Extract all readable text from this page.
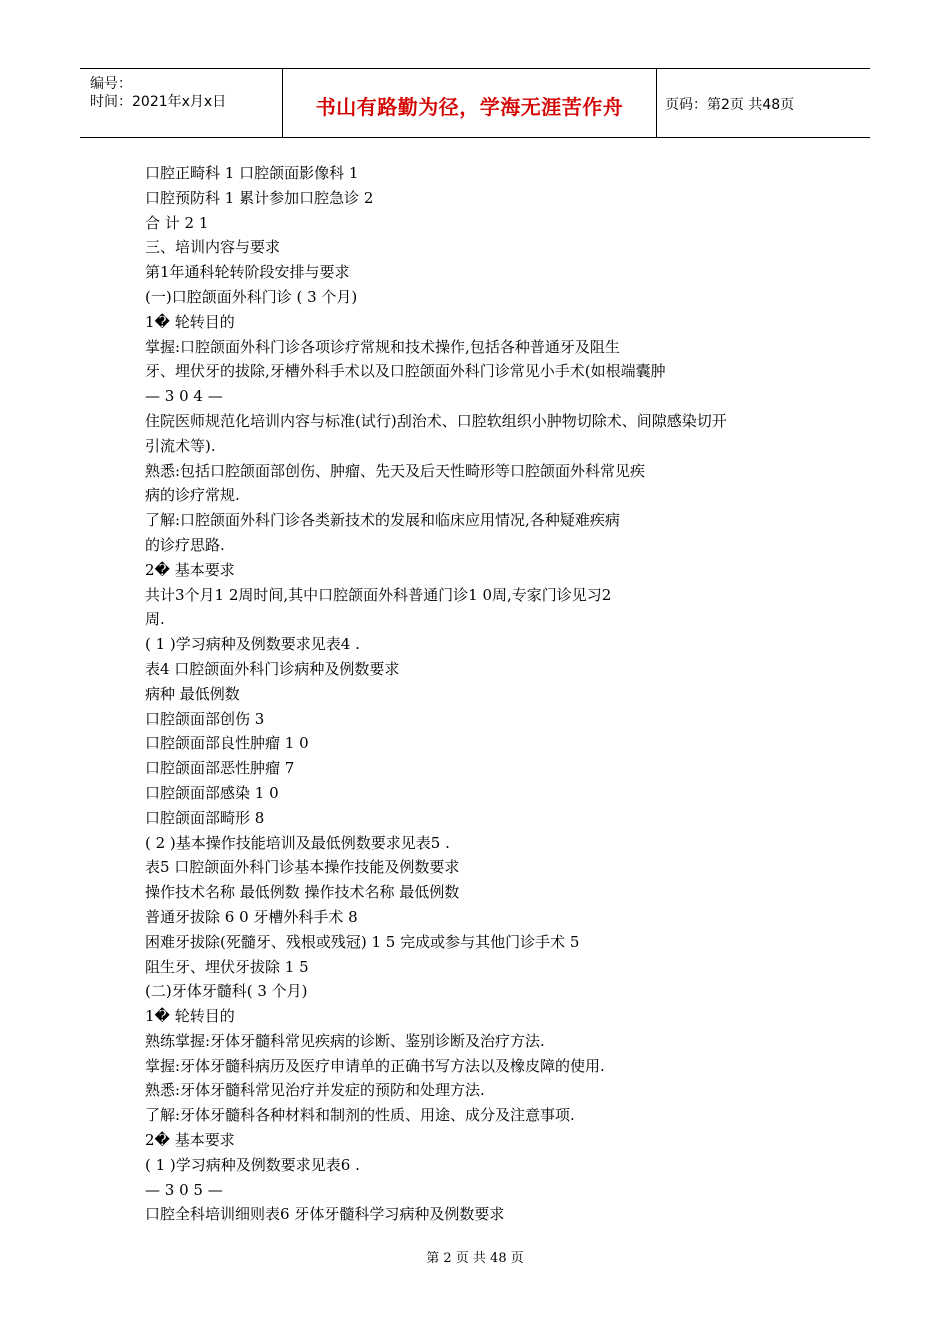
编号：
时间：2021年x月x日	书山有路勤为径，学海无涯苦作舟	页码：第2页 共48页
口腔正畸科 1 口腔颌面影像科 1
口腔预防科 1 累计参加口腔急诊 2
合 计 2 1
三、培训内容与要求
第1年通科轮转阶段安排与要求
(一)口腔颌面外科门诊 ( 3 个月)
1� 轮转目的
掌握:口腔颌面外科门诊各项诊疗常规和技术操作,包括各种普通牙及阻生
牙、埋伏牙的拔除,牙槽外科手术以及口腔颌面外科门诊常见小手术(如根端囊肿
— 3 0 4 —
住院医师规范化培训内容与标准(试行)刮治术、口腔软组织小肿物切除术、间隙感染切开
引流术等).
熟悉:包括口腔颌面部创伤、肿瘤、先天及后天性畸形等口腔颌面外科常见疾
病的诊疗常规.
了解:口腔颌面外科门诊各类新技术的发展和临床应用情况,各种疑难疾病
的诊疗思路.
2� 基本要求
共计3个月1 2周时间,其中口腔颌面外科普通门诊1 0周,专家门诊见习2
周.
( 1 )学习病种及例数要求见表4 .
表4 口腔颌面外科门诊病种及例数要求
病种 最低例数
口腔颌面部创伤 3
口腔颌面部良性肿瘤 1 0
口腔颌面部恶性肿瘤 7
口腔颌面部感染 1 0
口腔颌面部畸形 8
( 2 )基本操作技能培训及最低例数要求见表5 .
表5 口腔颌面外科门诊基本操作技能及例数要求
操作技术名称 最低例数 操作技术名称 最低例数
普通牙拔除 6 0 牙槽外科手术 8
困难牙拔除(死髓牙、残根或残冠) 1 5 完成或参与其他门诊手术 5
阻生牙、埋伏牙拔除 1 5
(二)牙体牙髓科( 3 个月)
1� 轮转目的
熟练掌握:牙体牙髓科常见疾病的诊断、鉴别诊断及治疗方法.
掌握:牙体牙髓科病历及医疗申请单的正确书写方法以及橡皮障的使用.
熟悉:牙体牙髓科常见治疗并发症的预防和处理方法.
了解:牙体牙髓科各种材料和制剂的性质、用途、成分及注意事项.
2� 基本要求
( 1 )学习病种及例数要求见表6 .
— 3 0 5 —
口腔全科培训细则表6 牙体牙髓科学习病种及例数要求
第 2 页 共 48 页
